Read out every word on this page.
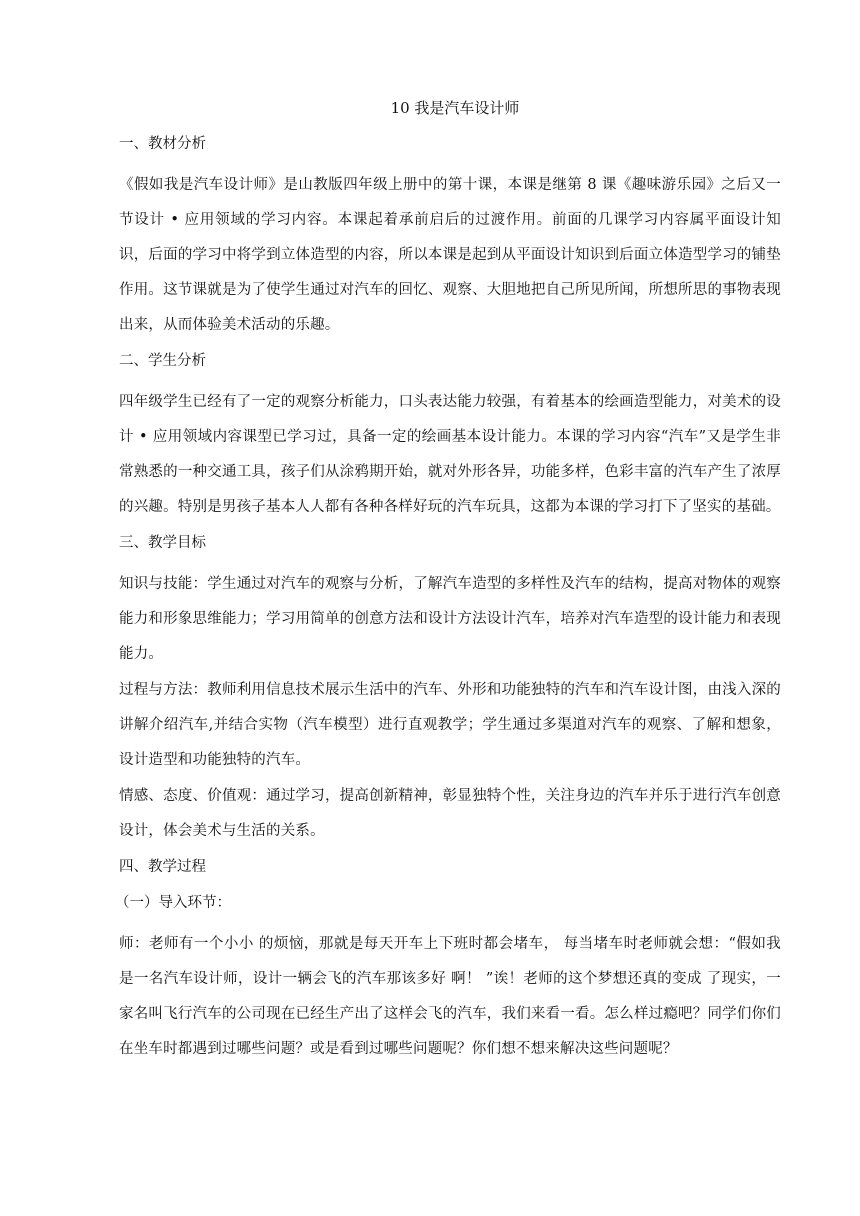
10 我是汽车设计师
一、教材分析
《假如我是汽车设计师》是山教版四年级上册中的第十课，本课是继第 8 课《趣味游乐园》之后又一节设计 • 应用领域的学习内容。本课起着承前启后的过渡作用。前面的几课学习内容属平面设计知识，后面的学习中将学到立体造型的内容，所以本课是起到从平面设计知识到后面立体造型学习的铺垫作用。这节课就是为了使学生通过对汽车的回忆、观察、大胆地把自己所见所闻，所想所思的事物表现出来，从而体验美术活动的乐趣。
二、学生分析
四年级学生已经有了一定的观察分析能力，口头表达能力较强，有着基本的绘画造型能力，对美术的设计 • 应用领域内容课型已学习过，具备一定的绘画基本设计能力。本课的学习内容“汽车”又是学生非常熟悉的一种交通工具，孩子们从涂鸦期开始，就对外形各异，功能多样，色彩丰富的汽车产生了浓厚的兴趣。特别是男孩子基本人人都有各种各样好玩的汽车玩具，这都为本课的学习打下了坚实的基础。
三、教学目标
知识与技能：学生通过对汽车的观察与分析，了解汽车造型的多样性及汽车的结构，提高对物体的观察能力和形象思维能力；学习用简单的创意方法和设计方法设计汽车，培养对汽车造型的设计能力和表现能力。
过程与方法：教师利用信息技术展示生活中的汽车、外形和功能独特的汽车和汽车设计图，由浅入深的讲解介绍汽车,并结合实物（汽车模型）进行直观教学；学生通过多渠道对汽车的观察、了解和想象，设计造型和功能独特的汽车。
情感、态度、价值观：通过学习，提高创新精神，彰显独特个性，关注身边的汽车并乐于进行汽车创意设计，体会美术与生活的关系。
四、教学过程
（一）导入环节：
师：老师有一个小小 的烦恼，那就是每天开车上下班时都会堵车， 每当堵车时老师就会想：“假如我是一名汽车设计师，设计一辆会飞的汽车那该多好 啊！ ”诶！老师的这个梦想还真的变成 了现实，一家名叫飞行汽车的公司现在已经生产出了这样会飞的汽车，我们来看一看。怎么样过瘾吧？同学们你们在坐车时都遇到过哪些问题？或是看到过哪些问题呢？你们想不想来解决这些问题呢？
